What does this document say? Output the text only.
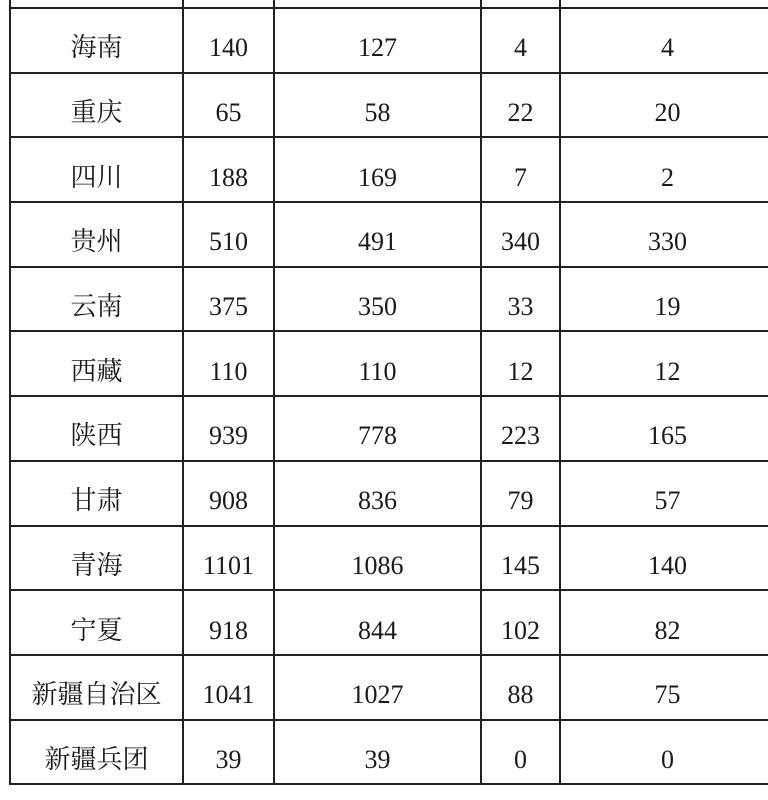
海南	140	127	4	4
重庆	65	58	22	20
四川	188	169	7	2
贵州	510	491	340	330
云南	375	350	33	19
西藏	110	110	12	12
陕西	939	778	223	165
甘肃	908	836	79	57
青海	1101	1086	145	140
宁夏	918	844	102	82
新疆自治区	1041	1027	88	75
新疆兵团	39	39	0	0
